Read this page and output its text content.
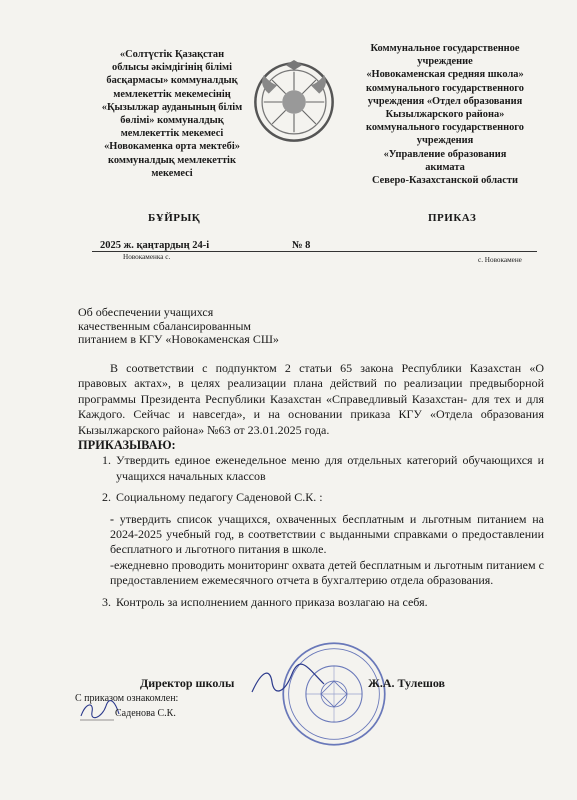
«Солтүстік Қазақстан
облысы әкімдігінің білімі
басқармасы» коммуналдық
мемлекеттік мекемесінің
«Қызылжар ауданының білім
бөлімі» коммуналдық
мемлекеттік мекемесі
«Новокаменка орта мектебі»
коммуналдық мемлекеттік
мекемесі
Коммунальное государственное
учреждение
«Новокаменская средняя школа»
коммунального государственного
учреждения «Отдел образования
Кызылжарского района»
коммунального государственного
учреждения
«Управление образования
акимата
Северо-Казахстанской области
БҰЙРЫҚ	ПРИКАЗ
2025 ж. қаңтардың 24-і	№ 8
Новокаменка с.	с. Новокамене
Об обеспечении учащихся
качественным сбалансированным
питанием в КГУ «Новокаменская СШ»

В соответствии с подпунктом 2 статьи 65 закона Республики Казахстан «О правовых актах», в целях реализации плана действий по реализации предвыборной программы Президента Республики Казахстан «Справедливый Казахстан- для тех и для Каждого. Сейчас и навсегда», и на основании приказа КГУ «Отдела образования Кызылжарского района» №63 от 23.01.2025 года.

ПРИКАЗЫВАЮ:

1. Утвердить единое еженедельное меню для отдельных категорий обучающихся и учащихся начальных классов
2. Социальному педагогу Саденовой С.К. :

- утвердить список учащихся, охваченных бесплатным и льготным питанием на 2024-2025 учебный год, в соответствии с выданными справками о предоставлении бесплатного и льготного питания в школе.

-ежедневно проводить мониторинг охвата детей бесплатным и льготным питанием с предоставлением ежемесячного отчета в бухгалтерию отдела образования.

3. Контроль за исполнением данного приказа возлагаю на себя.
Директор школы	Ж.А. Тулешов
С приказом ознакомлен:
Саденова С.К.
